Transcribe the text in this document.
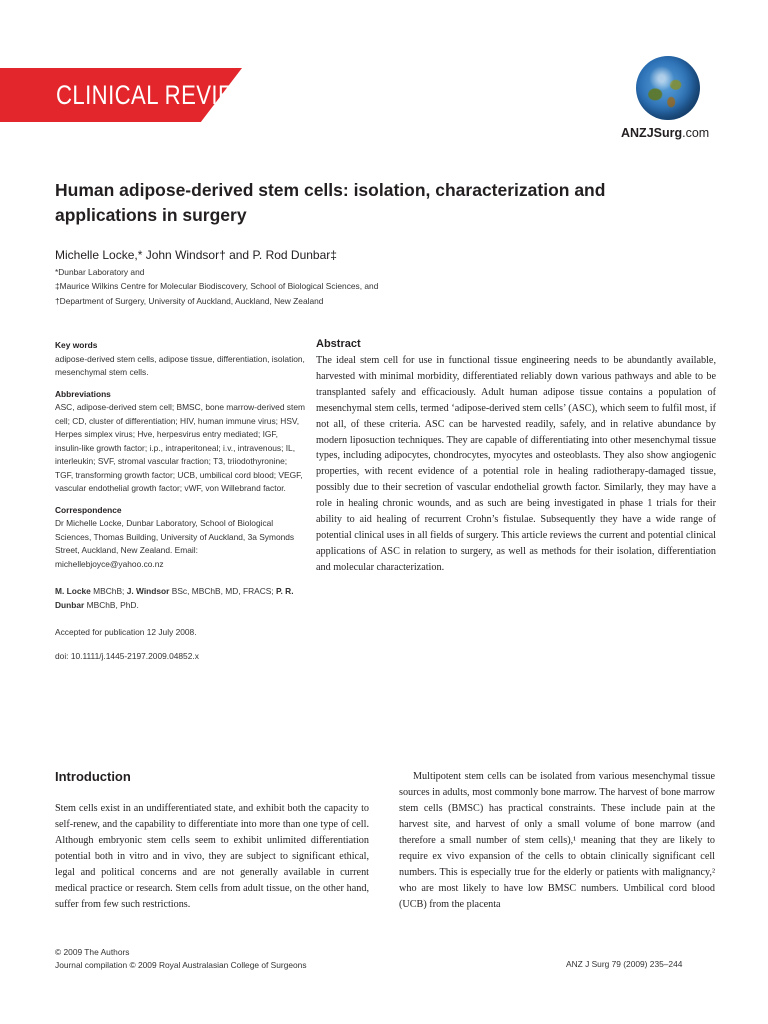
CLINICAL REVIEW
ANZJSurg.com
Human adipose-derived stem cells: isolation, characterization and applications in surgery
Michelle Locke,* John Windsor† and P. Rod Dunbar‡
*Dunbar Laboratory and
‡Maurice Wilkins Centre for Molecular Biodiscovery, School of Biological Sciences, and
†Department of Surgery, University of Auckland, Auckland, New Zealand
Key words
adipose-derived stem cells, adipose tissue, differentiation, isolation, mesenchymal stem cells.
Abbreviations
ASC, adipose-derived stem cell; BMSC, bone marrow-derived stem cell; CD, cluster of differentiation; HIV, human immune virus; HSV, Herpes simplex virus; Hve, herpesvirus entry mediated; IGF, insulin-like growth factor; i.p., intraperitoneal; i.v., intravenous; IL, interleukin; SVF, stromal vascular fraction; T3, triiodothyronine; TGF, transforming growth factor; UCB, umbilical cord blood; VEGF, vascular endothelial growth factor; vWF, von Willebrand factor.
Correspondence
Dr Michelle Locke, Dunbar Laboratory, School of Biological Sciences, Thomas Building, University of Auckland, 3a Symonds Street, Auckland, New Zealand. Email: michellebjoyce@yahoo.co.nz
M. Locke MBChB; J. Windsor BSc, MBChB, MD, FRACS; P. R. Dunbar MBChB, PhD.
Accepted for publication 12 July 2008.
doi: 10.1111/j.1445-2197.2009.04852.x
Abstract
The ideal stem cell for use in functional tissue engineering needs to be abundantly available, harvested with minimal morbidity, differentiated reliably down various pathways and able to be transplanted safely and efficaciously. Adult human adipose tissue contains a population of mesenchymal stem cells, termed ‘adipose-derived stem cells’ (ASC), which seem to fulfil most, if not all, of these criteria. ASC can be harvested readily, safely, and in relative abundance by modern liposuction techniques. They are capable of differentiating into other mesenchymal tissue types, including adipocytes, chondrocytes, myocytes and osteoblasts. They also show angiogenic properties, with recent evidence of a potential role in healing radiotherapy-damaged tissue, possibly due to their secretion of vascular endothelial growth factor. Similarly, they may have a role in healing chronic wounds, and as such are being investigated in phase 1 trials for their ability to aid healing of recurrent Crohn’s fistulae. Subsequently they have a wide range of potential clinical uses in all fields of surgery. This article reviews the current and potential clinical applications of ASC in relation to surgery, as well as methods for their isolation, differentiation and molecular characterization.
Introduction
Stem cells exist in an undifferentiated state, and exhibit both the capacity to self-renew, and the capability to differentiate into more than one type of cell. Although embryonic stem cells seem to exhibit unlimited differentiation potential both in vitro and in vivo, they are subject to significant ethical, legal and political concerns and are not generally available in current medical practice or research. Stem cells from adult tissue, on the other hand, suffer from few such restrictions.
Multipotent stem cells can be isolated from various mesenchymal tissue sources in adults, most commonly bone marrow. The harvest of bone marrow stem cells (BMSC) has practical constraints. These include pain at the harvest site, and harvest of only a small volume of bone marrow (and therefore a small number of stem cells),¹ meaning that they are likely to require ex vivo expansion of the cells to obtain clinically significant cell numbers. This is especially true for the elderly or patients with malignancy,² who are most likely to have low BMSC numbers. Umbilical cord blood (UCB) from the placenta
© 2009 The Authors
Journal compilation © 2009 Royal Australasian College of Surgeons	ANZ J Surg 79 (2009) 235–244
